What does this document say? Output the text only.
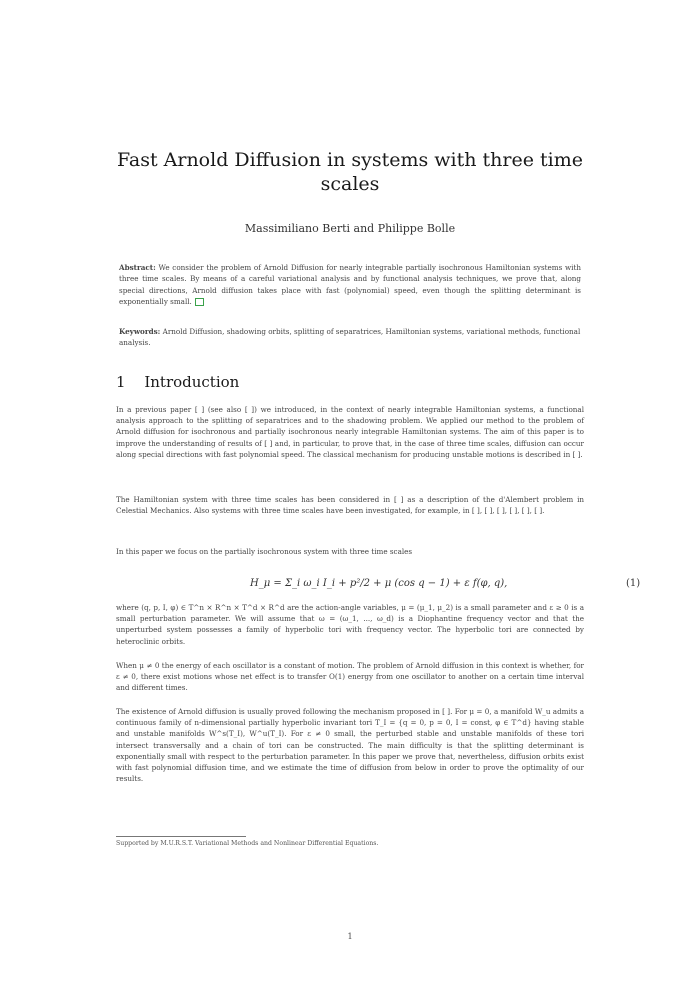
Fast Arnold Diffusion in systems with three time scales
Massimiliano Berti and Philippe Bolle
Abstract: We consider the problem of Arnold Diffusion for nearly integrable partially isochronous Hamiltonian systems with three time scales. By means of a careful variational analysis and by functional analysis techniques, we prove that, along special directions, Arnold diffusion takes place with fast (polynomial) speed, even though the splitting determinant is exponentially small.
Keywords: Arnold Diffusion, shadowing orbits, splitting of separatrices, Hamiltonian systems, variational methods, functional analysis.
1 Introduction
In a previous paper [ ] (see also [ ]) we introduced, in the context of nearly integrable Hamiltonian systems, a functional analysis approach to the splitting of separatrices and to the shadowing problem. We applied our method to the problem of Arnold diffusion for isochronous and partially isochronous nearly integrable Hamiltonian systems. The aim of this paper is to improve the understanding of results of [ ] and, in particular, to prove that, in the case of three time scales, diffusion can occur along special directions with fast polynomial speed. The classical mechanism for producing unstable motions is described in [ ].
The Hamiltonian system with three time scales has been considered in [ ] as a description of the d'Alembert problem in Celestial Mechanics. Also systems with three time scales have been investigated, for example, in [ ], [ ], [ ], [ ], [ ], [ ].
In this paper we focus on the partially isochronous system with three time scales
H_μ = Σ_i ω_i I_i + p²/2 + μ (cos q − 1) + ε f(φ, q),	(1)
where (q, p, I, φ) ∈ T^n × R^n × T^d × R^d are the action-angle variables, μ = (μ_1, μ_2) is a small parameter and ε ≥ 0 is a small perturbation parameter. We will assume that ω = (ω_1, ..., ω_d) is a Diophantine frequency vector and that the unperturbed system possesses a family of hyperbolic tori with frequency vector. The hyperbolic tori are connected by heteroclinic orbits.
When μ ≠ 0 the energy of each oscillator is a constant of motion. The problem of Arnold diffusion in this context is whether, for ε ≠ 0, there exist motions whose net effect is to transfer O(1) energy from one oscillator to another on a certain time interval and different times.
The existence of Arnold diffusion is usually proved following the mechanism proposed in [ ]. For μ = 0, a manifold W_u admits a continuous family of n-dimensional partially hyperbolic invariant tori T_I = {q = 0, p = 0, I = const, φ ∈ T^d} having stable and unstable manifolds W^s(T_I), W^u(T_I). For ε ≠ 0 small, the perturbed stable and unstable manifolds of these tori intersect transversally and a chain of tori can be constructed. The main difficulty is that the splitting determinant is exponentially small with respect to the perturbation parameter. In this paper we prove that, nevertheless, diffusion orbits exist with fast polynomial diffusion time, and we estimate the time of diffusion from below in order to prove the optimality of our results.
Supported by M.U.R.S.T. Variational Methods and Nonlinear Differential Equations.
1
